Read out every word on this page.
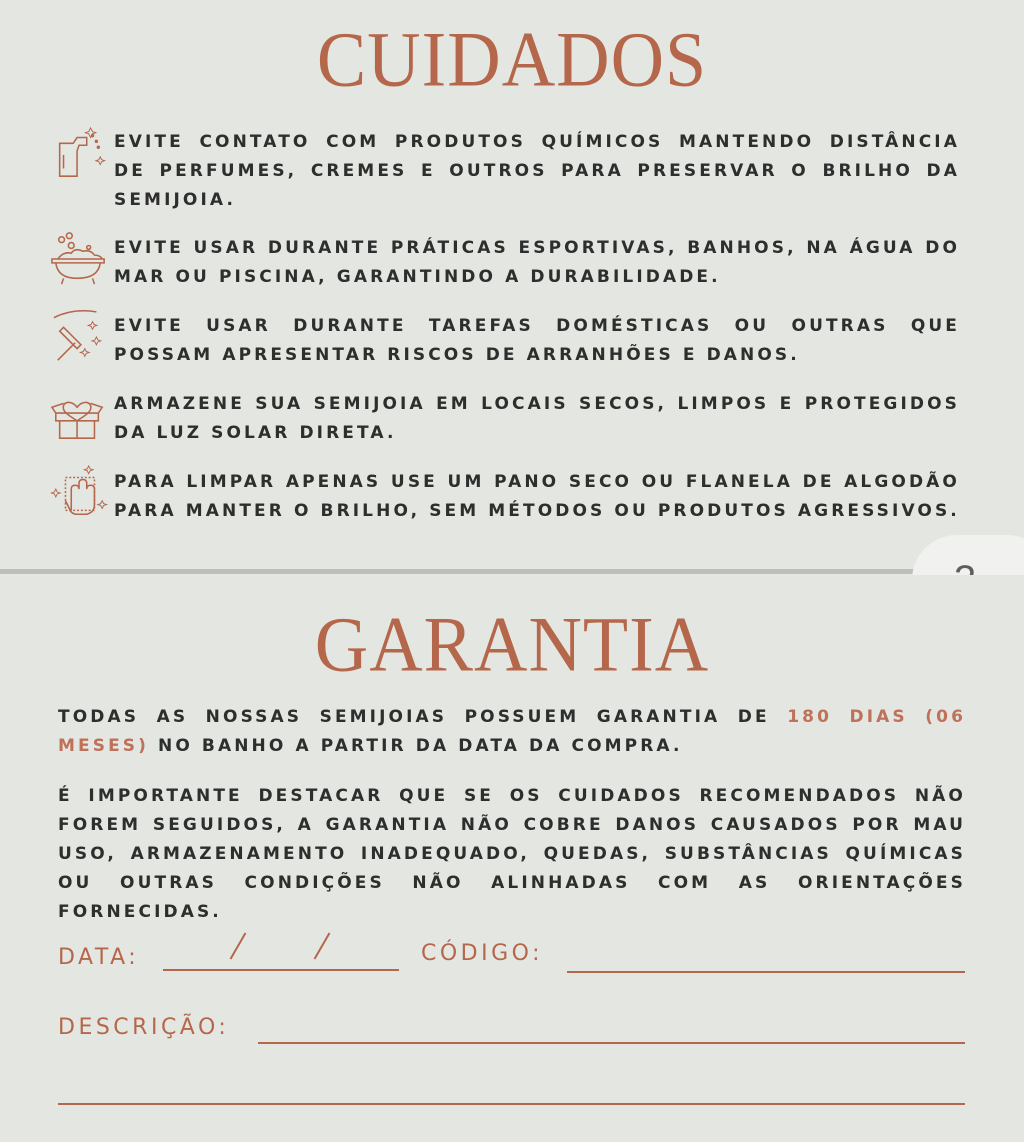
CUIDADOS

EVITE CONTATO COM PRODUTOS QUÍMICOS MANTENDO DISTÂNCIA DE PERFUMES, CREMES E OUTROS PARA PRESERVAR O BRILHO DA SEMIJOIA.

EVITE USAR DURANTE PRÁTICAS ESPORTIVAS, BANHOS, NA ÁGUA DO MAR OU PISCINA, GARANTINDO A DURABILIDADE.

EVITE USAR DURANTE TAREFAS DOMÉSTICAS OU OUTRAS QUE POSSAM APRESENTAR RISCOS DE ARRANHÕES E DANOS.

ARMAZENE SUA SEMIJOIA EM LOCAIS SECOS, LIMPOS E PROTEGIDOS DA LUZ SOLAR DIRETA.

PARA LIMPAR APENAS USE UM PANO SECO OU FLANELA DE ALGODÃO PARA MANTER O BRILHO, SEM MÉTODOS OU PRODUTOS AGRESSIVOS.

GARANTIA

TODAS AS NOSSAS SEMIJOIAS POSSUEM GARANTIA DE 180 DIAS (06 MESES) NO BANHO A PARTIR DA DATA DA COMPRA.

É IMPORTANTE DESTACAR QUE SE OS CUIDADOS RECOMENDADOS NÃO FOREM SEGUIDOS, A GARANTIA NÃO COBRE DANOS CAUSADOS POR MAU USO, ARMAZENAMENTO INADEQUADO, QUEDAS, SUBSTÂNCIAS QUÍMICAS OU OUTRAS CONDIÇÕES NÃO ALINHADAS COM AS ORIENTAÇÕES FORNECIDAS.

DATA:	CÓDIGO:
DESCRIÇÃO:
